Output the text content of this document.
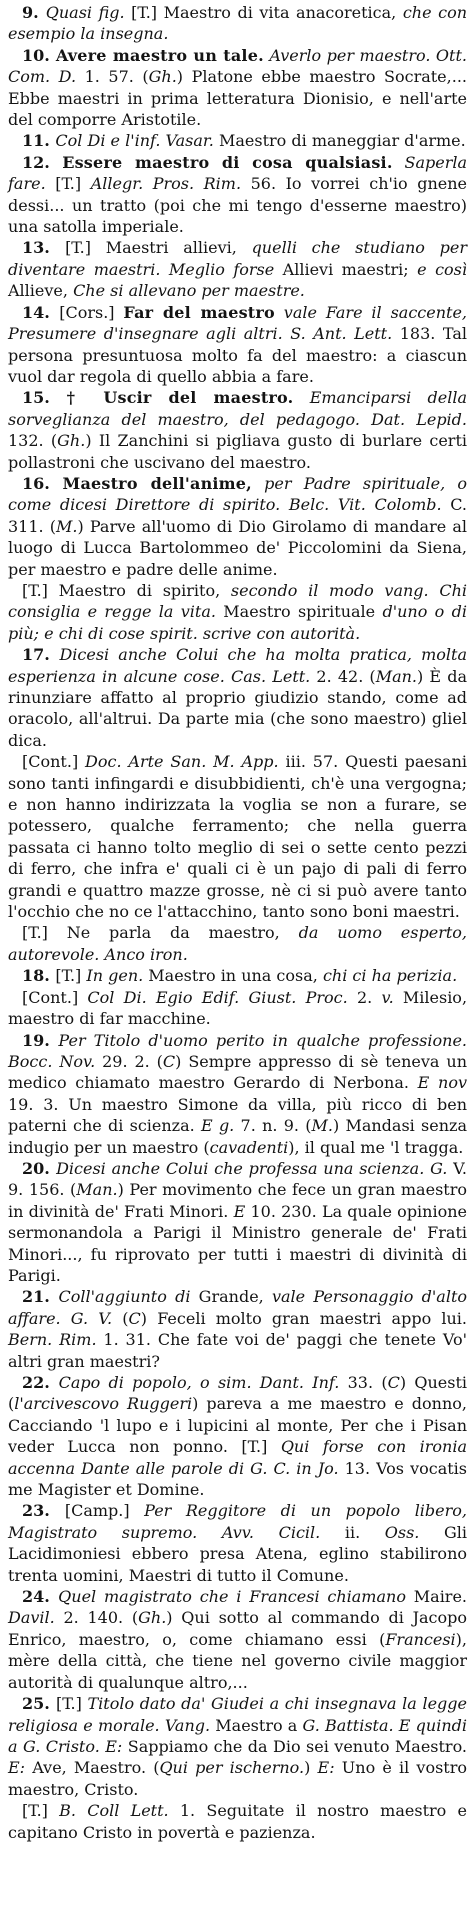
9. Quasi fig. [T.] Maestro di vita anacoretica, che con esempio la insegna.

10. Avere maestro un tale. Averlo per maestro. Ott. Com. D. 1. 57. (Gh.) Platone ebbe maestro Socrate,... Ebbe maestri in prima letteratura Dionisio, e nell'arte del comporre Aristotile.

11. Col Di e l'inf. Vasar. Maestro di maneggiar d'arme.

12. Essere maestro di cosa qualsiasi. Saperla fare. [T.] Allegr. Pros. Rim. 56. Io vorrei ch'io gnene dessi... un tratto (poi che mi tengo d'esserne maestro) una satolla imperiale.

13. [T.] Maestri allievi, quelli che studiano per diventare maestri. Meglio forse Allievi maestri; e così Allieve, Che si allevano per maestre.

14. [Cors.] Far del maestro vale Fare il saccente, Presumere d'insegnare agli altri. S. Ant. Lett. 183. Tal persona presuntuosa molto fa del maestro: a ciascun vuol dar regola di quello abbia a fare.

15. † Uscir del maestro. Emanciparsi della sorveglianza del maestro, del pedagogo. Dat. Lepid. 132. (Gh.) Il Zanchini si pigliava gusto di burlare certi pollastroni che uscivano del maestro.

16. Maestro dell'anime, per Padre spirituale, o come dicesi Direttore di spirito. Belc. Vit. Colomb. C. 311. (M.) Parve all'uomo di Dio Girolamo di mandare al luogo di Lucca Bartolommeo de' Piccolomini da Siena, per maestro e padre delle anime.

[T.] Maestro di spirito, secondo il modo vang. Chi consiglia e regge la vita. Maestro spirituale d'uno o di più; e chi di cose spirit. scrive con autorità.

17. Dicesi anche Colui che ha molta pratica, molta esperienza in alcune cose. Cas. Lett. 2. 42. (Man.) È da rinunziare affatto al proprio giudizio stando, come ad oracolo, all'altrui. Da parte mia (che sono maestro) gliel dica.

[Cont.] Doc. Arte San. M. App. iii. 57. Questi paesani sono tanti infingardi e disubbidienti, ch'è una vergogna; e non hanno indirizzata la voglia se non a furare, se potessero, qualche ferramento; che nella guerra passata ci hanno tolto meglio di sei o sette cento pezzi di ferro, che infra e' quali ci è un pajo di pali di ferro grandi e quattro mazze grosse, nè ci si può avere tanto l'occhio che no ce l'attacchino, tanto sono boni maestri.

[T.] Ne parla da maestro, da uomo esperto, autorevole. Anco iron.

18. [T.] In gen. Maestro in una cosa, chi ci ha perizia.

[Cont.] Col Di. Egio Edif. Giust. Proc. 2. v. Milesio, maestro di far macchine.

19. Per Titolo d'uomo perito in qualche professione. Bocc. Nov. 29. 2. (C) Sempre appresso di sè teneva un medico chiamato maestro Gerardo di Nerbona. E nov 19. 3. Un maestro Simone da villa, più ricco di ben paterni che di scienza. E g. 7. n. 9. (M.) Mandasi senza indugio per un maestro (cavadenti), il qual me 'l tragga.

20. Dicesi anche Colui che professa una scienza. G. V. 9. 156. (Man.) Per movimento che fece un gran maestro in divinità de' Frati Minori. E 10. 230. La quale opinione sermonandola a Parigi il Ministro generale de' Frati Minori..., fu riprovato per tutti i maestri di divinità di Parigi.

21. Coll'aggiunto di Grande, vale Personaggio d'alto affare. G. V. (C) Feceli molto gran maestri appo lui. Bern. Rim. 1. 31. Che fate voi de' paggi che tenete Vo' altri gran maestri?

22. Capo di popolo, o sim. Dant. Inf. 33. (C) Questi (l'arcivescovo Ruggeri) pareva a me maestro e donno, Cacciando 'l lupo e i lupicini al monte, Per che i Pisan veder Lucca non ponno. [T.] Qui forse con ironia accenna Dante alle parole di G. C. in Jo. 13. Vos vocatis me Magister et Domine.

23. [Camp.] Per Reggitore di un popolo libero, Magistrato supremo. Avv. Cicil. ii. Oss. Gli Lacidimoniesi ebbero presa Atena, eglino stabilirono trenta uomini, Maestri di tutto il Comune.

24. Quel magistrato che i Francesi chiamano Maire. Davil. 2. 140. (Gh.) Qui sotto al commando di Jacopo Enrico, maestro, o, come chiamano essi (Francesi), mère della città, che tiene nel governo civile maggior autorità di qualunque altro,...

25. [T.] Titolo dato da' Giudei a chi insegnava la legge religiosa e morale. Vang. Maestro a G. Battista. E quindi a G. Cristo. E: Sappiamo che da Dio sei venuto Maestro. E: Ave, Maestro. (Qui per ischerno.) E: Uno è il vostro maestro, Cristo.

[T.] B. Coll Lett. 1. Seguitate il nostro maestro e capitano Cristo in povertà e pazienza.
